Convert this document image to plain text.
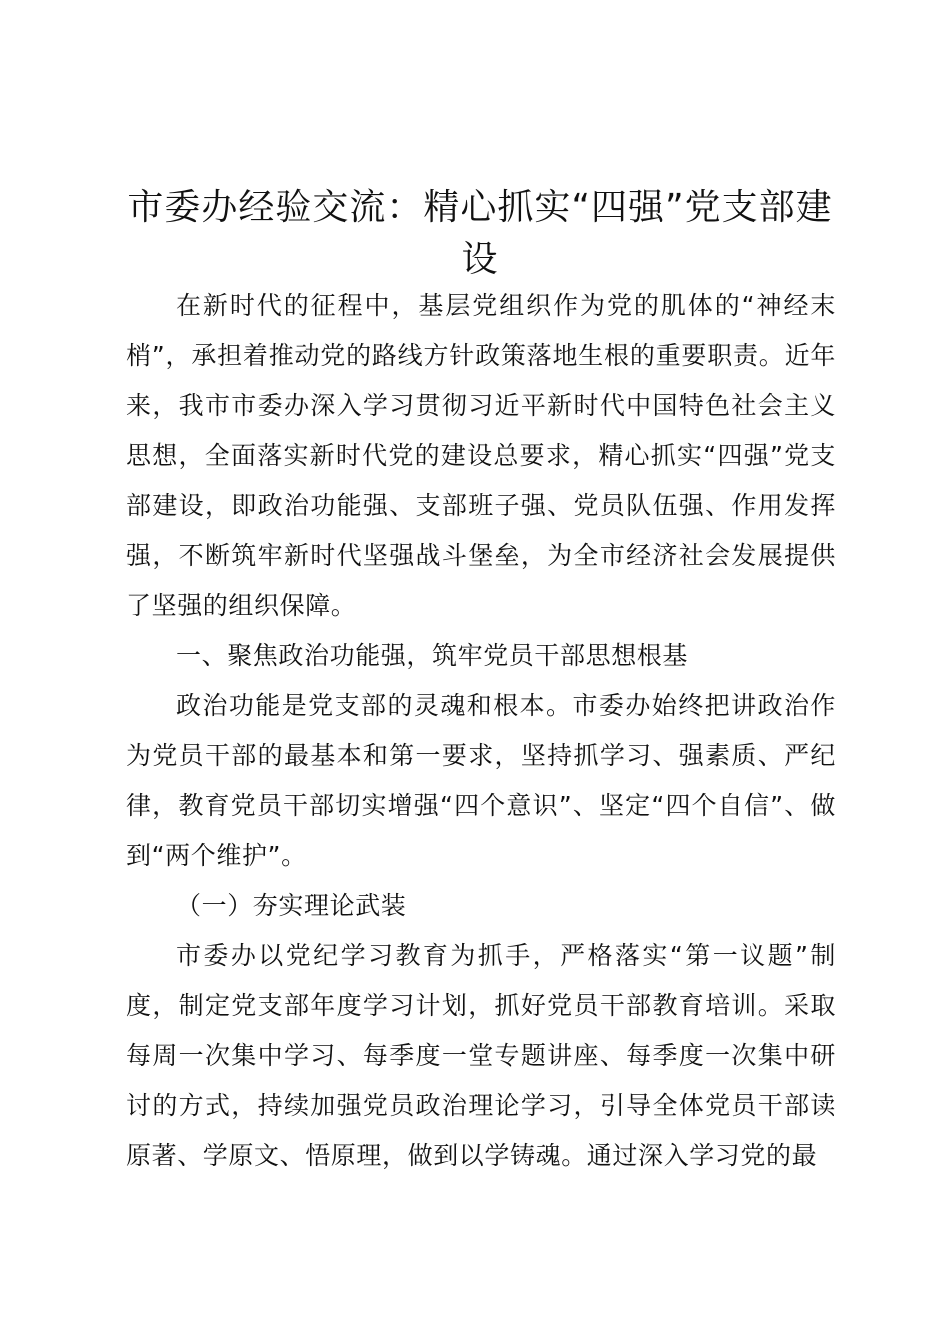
市委办经验交流：精心抓实“四强”党支部建设

在新时代的征程中，基层党组织作为党的肌体的“神经末梢”，承担着推动党的路线方针政策落地生根的重要职责。近年来，我市市委办深入学习贯彻习近平新时代中国特色社会主义思想，全面落实新时代党的建设总要求，精心抓实“四强”党支部建设，即政治功能强、支部班子强、党员队伍强、作用发挥强，不断筑牢新时代坚强战斗堡垒，为全市经济社会发展提供了坚强的组织保障。

一、聚焦政治功能强，筑牢党员干部思想根基

政治功能是党支部的灵魂和根本。市委办始终把讲政治作为党员干部的最基本和第一要求，坚持抓学习、强素质、严纪律，教育党员干部切实增强“四个意识”、坚定“四个自信”、做到“两个维护”。

（一）夯实理论武装

市委办以党纪学习教育为抓手，严格落实“第一议题”制度，制定党支部年度学习计划，抓好党员干部教育培训。采取每周一次集中学习、每季度一堂专题讲座、每季度一次集中研讨的方式，持续加强党员政治理论学习，引导全体党员干部读原著、学原文、悟原理，做到以学铸魂。通过深入学习党的最
